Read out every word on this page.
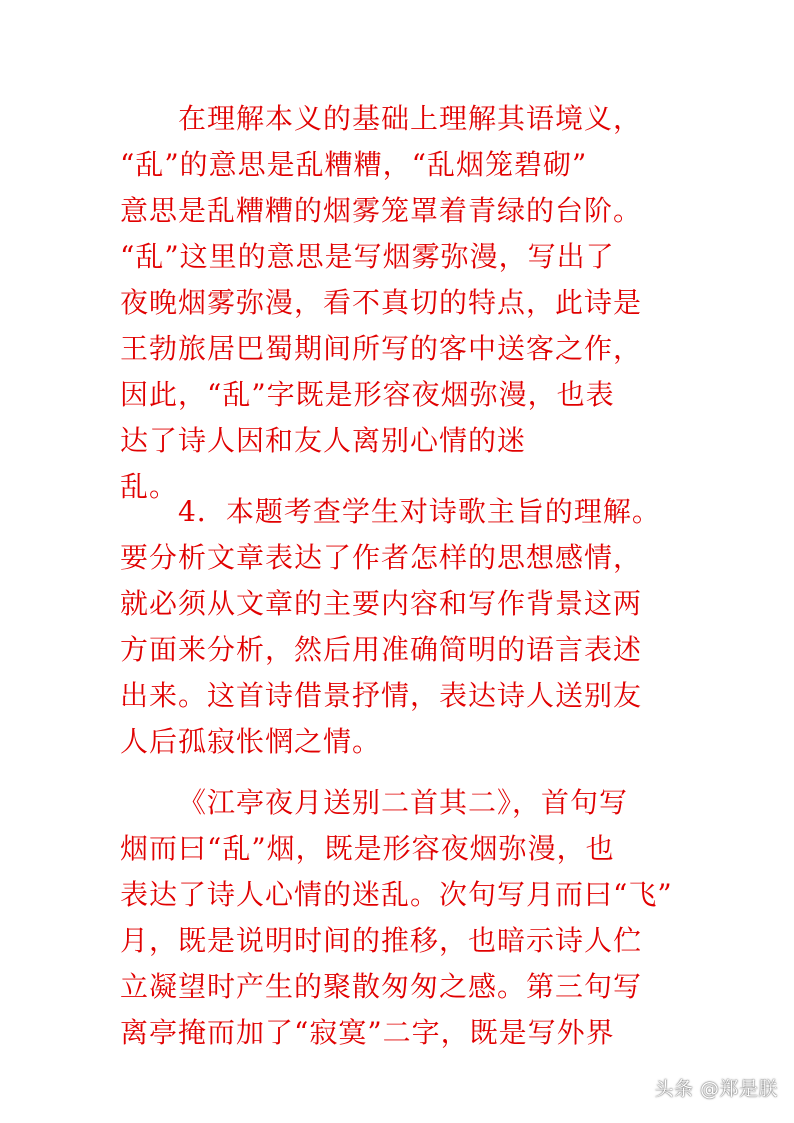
在理解本义的基础上理解其语境义，
“乱”的意思是乱糟糟，“乱烟笼碧砌”
意思是乱糟糟的烟雾笼罩着青绿的台阶。
“乱”这里的意思是写烟雾弥漫，写出了
夜晚烟雾弥漫，看不真切的特点，此诗是
王勃旅居巴蜀期间所写的客中送客之作，
因此，“乱”字既是形容夜烟弥漫，也表
达了诗人因和友人离别心情的迷
乱。
4．本题考查学生对诗歌主旨的理解。
要分析文章表达了作者怎样的思想感情，
就必须从文章的主要内容和写作背景这两
方面来分析，然后用准确简明的语言表述
出来。这首诗借景抒情，表达诗人送别友
人后孤寂怅惘之情。
《江亭夜月送别二首其二》，首句写
烟而曰“乱”烟，既是形容夜烟弥漫，也
表达了诗人心情的迷乱。次句写月而曰“飞”
月，既是说明时间的推移，也暗示诗人伫
立凝望时产生的聚散匆匆之感。第三句写
离亭掩而加了“寂寞”二字，既是写外界
头条 @郑是朕
